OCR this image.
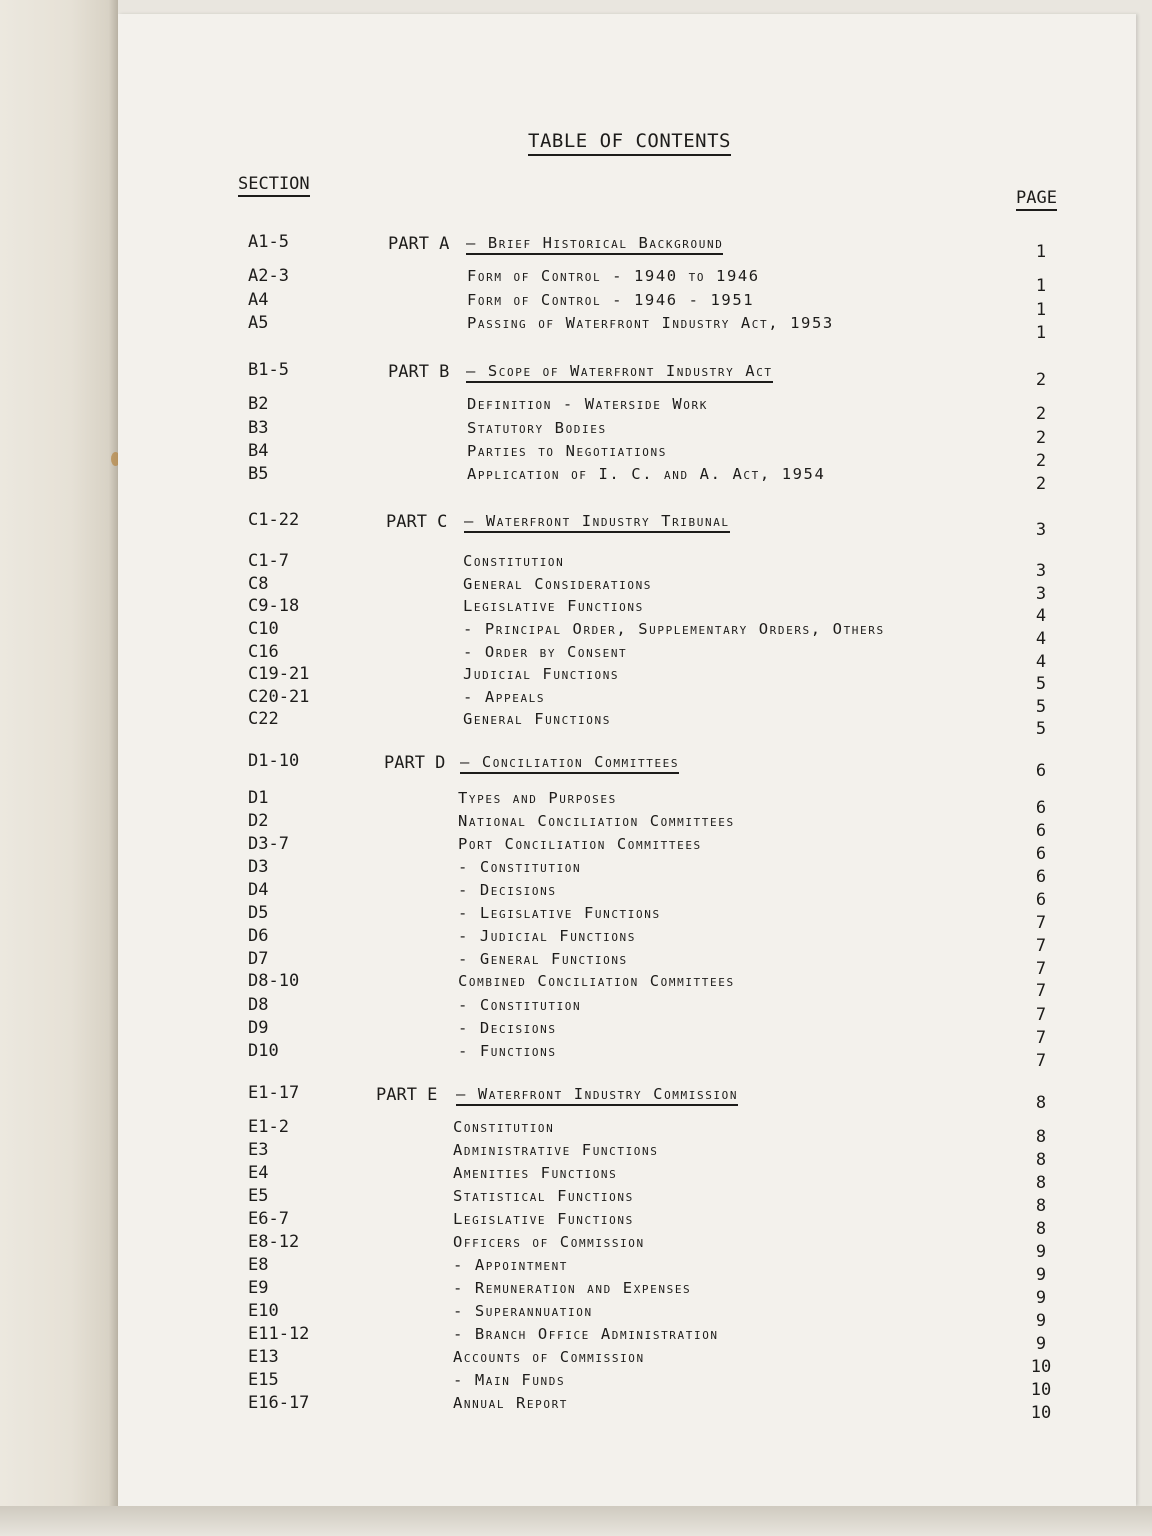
TABLE OF CONTENTS
SECTION
PAGE
A1-5	PART A — Brief Historical Background	1
A2-3	Form of Control - 1940 to 1946	1
A4	Form of Control - 1946 - 1951	1
A5	Passing of Waterfront Industry Act, 1953	1
B1-5	PART B — Scope of Waterfront Industry Act	2
B2	Definition - Waterside Work	2
B3	Statutory Bodies	2
B4	Parties to Negotiations	2
B5	Application of I. C. and A. Act, 1954	2
C1-22	PART C — Waterfront Industry Tribunal	3
C1-7	Constitution	3
C8	General Considerations	3
C9-18	Legislative Functions	4
C10	- Principal Order, Supplementary Orders, Others	4
C16	- Order by Consent	4
C19-21	Judicial Functions	5
C20-21	- Appeals	5
C22	General Functions	5
D1-10	PART D — Conciliation Committees	6
D1	Types and Purposes	6
D2	National Conciliation Committees	6
D3-7	Port Conciliation Committees	6
D3	- Constitution	6
D4	- Decisions	6
D5	- Legislative Functions	7
D6	- Judicial Functions	7
D7	- General Functions	7
D8-10	Combined Conciliation Committees	7
D8	- Constitution	7
D9	- Decisions	7
D10	- Functions	7
E1-17	PART E — Waterfront Industry Commission	8
E1-2	Constitution	8
E3	Administrative Functions	8
E4	Amenities Functions	8
E5	Statistical Functions	8
E6-7	Legislative Functions	8
E8-12	Officers of Commission	9
E8	- Appointment	9
E9	- Remuneration and Expenses	9
E10	- Superannuation	9
E11-12	- Branch Office Administration	9
E13	Accounts of Commission	10
E15	- Main Funds	10
E16-17	Annual Report	10
